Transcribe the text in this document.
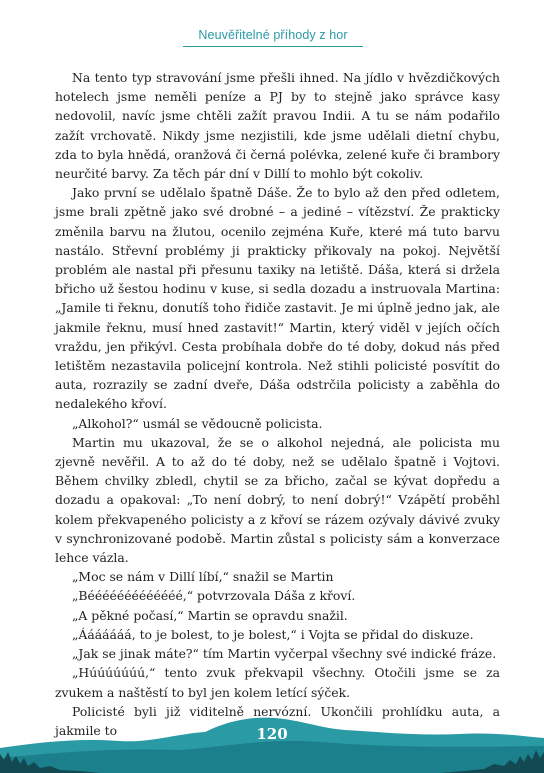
Neuvěřitelné příhody z hor

Na tento typ stravování jsme přešli ihned. Na jídlo v hvězdičkových hotelech jsme neměli peníze a PJ by to stejně jako správce kasy nedovolil, navíc jsme chtěli zažít pravou Indii. A tu se nám podařilo zažít vrchovatě. Nikdy jsme nezjistili, kde jsme udělali dietní chybu, zda to byla hnědá, oranžová či černá polévka, zelené kuře či brambory neurčité barvy. Za těch pár dní v Dillí to mohlo být cokoliv.

Jako první se udělalo špatně Dáše. Že to bylo až den před odletem, jsme brali zpětně jako své drobné – a jediné – vítězství. Že prakticky změnila barvu na žlutou, ocenilo zejména Kuře, které má tuto barvu nastálo. Střevní problémy ji prakticky přikovaly na pokoj. Největší problém ale nastal při přesunu taxiky na letiště. Dáša, která si držela břicho už šestou hodinu v kuse, si sedla dozadu a instruovala Martina: „Jamile ti řeknu, donutíš toho řidiče zastavit. Je mi úplně jedno jak, ale jakmile řeknu, musí hned zastavit!“ Martin, který viděl v jejích očích vraždu, jen přikývl. Cesta probíhala dobře do té doby, dokud nás před letištěm nezastavila policejní kontrola. Než stihli policisté posvítit do auta, rozrazily se zadní dveře, Dáša odstrčila policisty a zaběhla do nedalekého křoví.

„Alkohol?“ usmál se vědoucně policista.

Martin mu ukazoval, že se o alkohol nejedná, ale policista mu zjevně nevěřil. A to až do té doby, než se udělalo špatně i Vojtovi. Během chvilky zbledl, chytil se za břicho, začal se kývat dopředu a dozadu a opakoval: „To není dobrý, to není dobrý!“ Vzápětí proběhl kolem překvapeného policisty a z křoví se rázem ozývaly dávivé zvuky v synchronizované podobě. Martin zůstal s policisty sám a konverzace lehce vázla.

„Moc se nám v Dillí líbí,“ snažil se Martin

„Bééééééééééééé,“ potvrzovala Dáša z křoví.

„A pěkné počasí,“ Martin se opravdu snažil.

„Ááááááá, to je bolest, to je bolest,“ i Vojta se přidal do diskuze.

„Jak se jinak máte?“ tím Martin vyčerpal všechny své indické fráze.

„Húúúúúúú,“ tento zvuk překvapil všechny. Otočili jsme se za zvukem a naštěstí to byl jen kolem letící sýček.

Policisté byli již viditelně nervózní. Ukončili prohlídku auta, a jakmile to	120
